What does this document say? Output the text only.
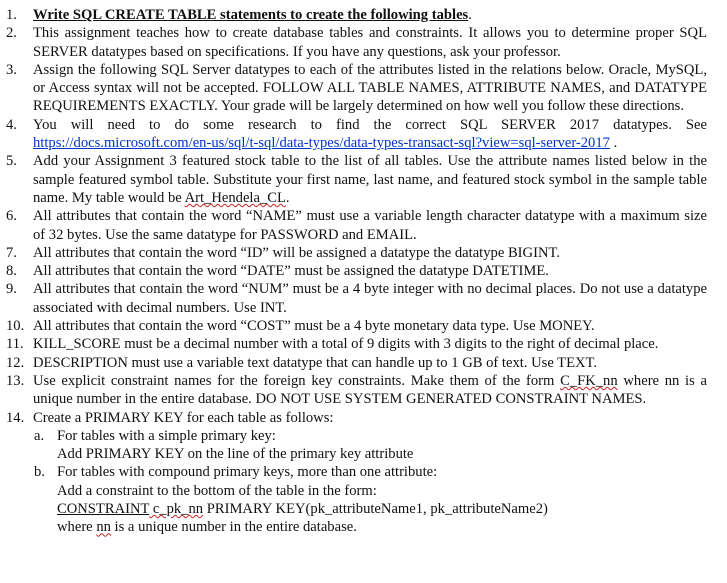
1. Write SQL CREATE TABLE statements to create the following tables.
2. This assignment teaches how to create database tables and constraints. It allows you to determine proper SQL SERVER datatypes based on specifications. If you have any questions, ask your professor.
3. Assign the following SQL Server datatypes to each of the attributes listed in the relations below. Oracle, MySQL, or Access syntax will not be accepted. FOLLOW ALL TABLE NAMES, ATTRIBUTE NAMES, and DATATYPE REQUIREMENTS EXACTLY. Your grade will be largely determined on how well you follow these directions.
4. You will need to do some research to find the correct SQL SERVER 2017 datatypes. See https://docs.microsoft.com/en-us/sql/t-sql/data-types/data-types-transact-sql?view=sql-server-2017 .
5. Add your Assignment 3 featured stock table to the list of all tables. Use the attribute names listed below in the sample featured symbol table. Substitute your first name, last name, and featured stock symbol in the sample table name. My table would be Art_Hendela_CL.
6. All attributes that contain the word “NAME” must use a variable length character datatype with a maximum size of 32 bytes. Use the same datatype for PASSWORD and EMAIL.
7. All attributes that contain the word “ID” will be assigned a datatype the datatype BIGINT.
8. All attributes that contain the word “DATE” must be assigned the datatype DATETIME.
9. All attributes that contain the word “NUM” must be a 4 byte integer with no decimal places. Do not use a datatype associated with decimal numbers. Use INT.
10. All attributes that contain the word “COST” must be a 4 byte monetary data type. Use MONEY.
11. KILL_SCORE must be a decimal number with a total of 9 digits with 3 digits to the right of decimal place.
12. DESCRIPTION must use a variable text datatype that can handle up to 1 GB of text. Use TEXT.
13. Use explicit constraint names for the foreign key constraints. Make them of the form C_FK_nn where nn is a unique number in the entire database. DO NOT USE SYSTEM GENERATED CONSTRAINT NAMES.
14. Create a PRIMARY KEY for each table as follows:
a. For tables with a simple primary key:
Add PRIMARY KEY on the line of the primary key attribute
b. For tables with compound primary keys, more than one attribute:
Add a constraint to the bottom of the table in the form:
CONSTRAINT c_pk_nn PRIMARY KEY(pk_attributeName1, pk_attributeName2)
where nn is a unique number in the entire database.
